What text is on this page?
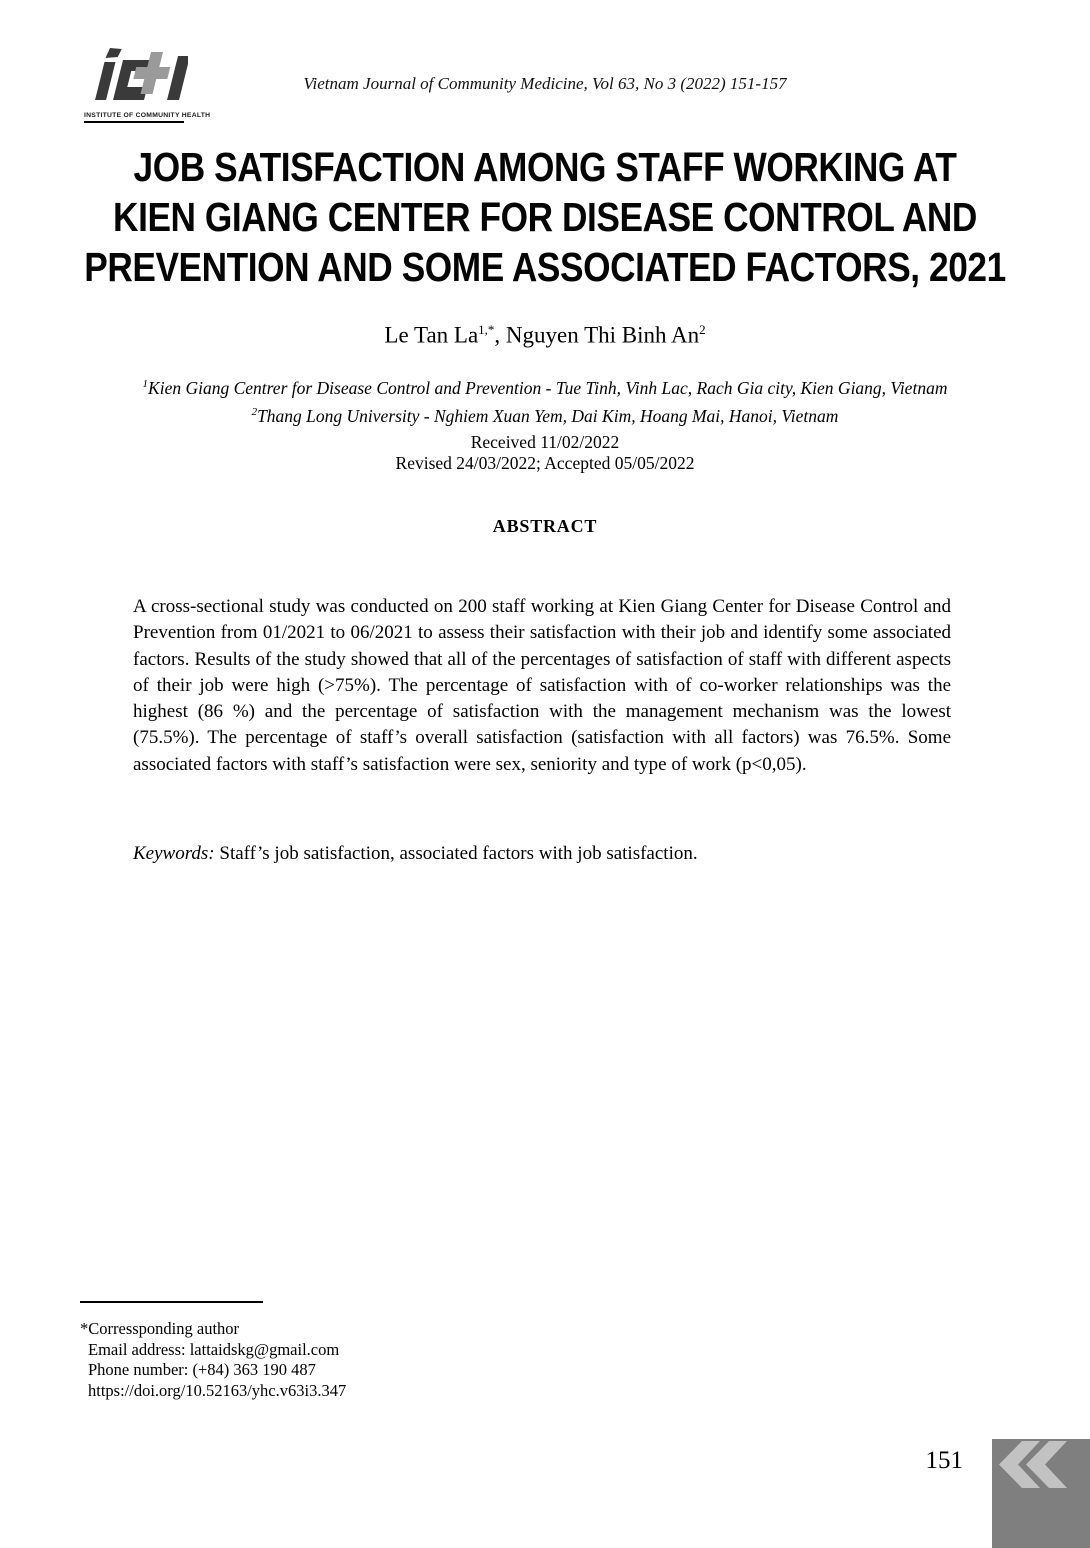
INSTITUTE OF COMMUNITY HEALTH
Vietnam Journal of Community Medicine, Vol 63, No 3 (2022) 151-157
JOB SATISFACTION AMONG STAFF WORKING AT
KIEN GIANG CENTER FOR DISEASE CONTROL AND
PREVENTION AND SOME ASSOCIATED FACTORS, 2021
Le Tan $La^{1,*}$, Nguyen Thi Binh An$^2$
$^1$Kien Giang Centrer for Disease Control and Prevention - Tue Tinh, Vinh Lac, Rach Gia city, Kien Giang, Vietnam
$^2$Thang Long University - Nghiem Xuan Yem, Dai Kim, Hoang Mai, Hanoi, Vietnam
Received 11/02/2022
Revised 24/03/2022; Accepted 05/05/2022
ABSTRACT
A cross-sectional study was conducted on 200 staff working at Kien Giang Center for Disease Control and Prevention from 01/2021 to 06/2021 to assess their satisfaction with their job and identify some associated factors. Results of the study showed that all of the percentages of satisfaction of staff with different aspects of their job were high (>75%). The percentage of satisfaction with of co-worker relationships was the highest (86 %) and the percentage of satisfaction with the management mechanism was the lowest (75.5%). The percentage of staff’s overall satisfaction (satisfaction with all factors) was 76.5%. Some associated factors with staff’s satisfaction were sex, seniority and type of work (p<0,05).
Keywords: Staff’s job satisfaction, associated factors with job satisfaction.
*Corressponding author
Email address: lattaidskg@gmail.com
Phone number: (+84) 363 190 487
https://doi.org/10.52163/yhc.v63i3.347
151
